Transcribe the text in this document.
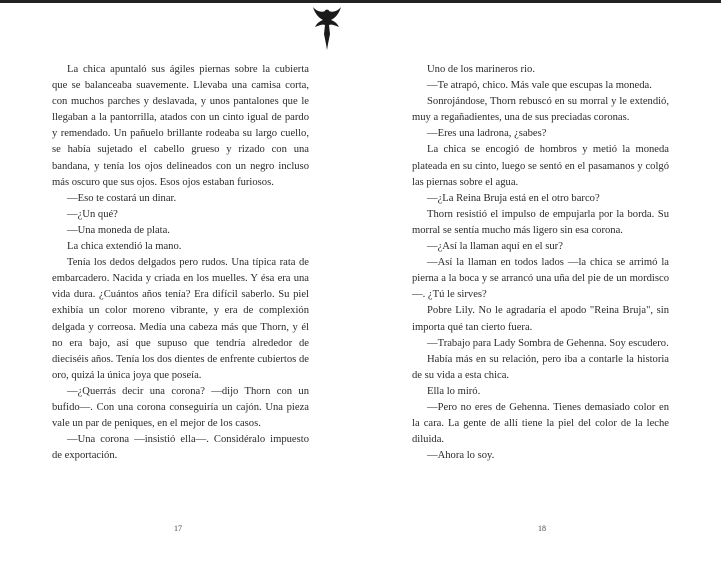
La chica apuntaló sus ágiles piernas sobre la cubierta que se balanceaba suavemente. Llevaba una camisa corta, con muchos parches y deslavada, y unos pantalones que le llegaban a la pantorrilla, atados con un cinto igual de pardo y remendado. Un pañuelo brillante rodeaba su largo cuello, se había sujetado el cabello grueso y rizado con una bandana, y tenía los ojos delineados con un negro incluso más oscuro que sus ojos. Esos ojos estaban furiosos.

—Eso te costará un dinar.

—¿Un qué?

—Una moneda de plata.

La chica extendió la mano.

Tenía los dedos delgados pero rudos. Una típica rata de embarcadero. Nacida y criada en los muelles. Y ésa era una vida dura. ¿Cuántos años tenía? Era difícil saberlo. Su piel exhibía un color moreno vibrante, y era de complexión delgada y correosa. Medía una cabeza más que Thorn, y él no era bajo, así que supuso que tendría alrededor de dieciséis años. Tenía los dos dientes de enfrente cubiertos de oro, quizá la única joya que poseía.

—¿Querrás decir una corona? —dijo Thorn con un bufido—. Con una corona conseguiría un cajón. Una pieza vale un par de peniques, en el mejor de los casos.

—Una corona —insistió ella—. Considéralo impuesto de exportación.

Uno de los marineros rio.

—Te atrapó, chico. Más vale que escupas la moneda.

Sonrojándose, Thorn rebuscó en su morral y le extendió, muy a regañadientes, una de sus preciadas coronas.

—Eres una ladrona, ¿sabes?

La chica se encogió de hombros y metió la moneda plateada en su cinto, luego se sentó en el pasamanos y colgó las piernas sobre el agua.

—¿La Reina Bruja está en el otro barco?

Thorn resistió el impulso de empujarla por la borda. Su morral se sentía mucho más ligero sin esa corona.

—¿Así la llaman aquí en el sur?

—Así la llaman en todos lados —la chica se arrimó la pierna a la boca y se arrancó una uña del pie de un mordisco—. ¿Tú le sirves?

Pobre Lily. No le agradaría el apodo "Reina Bruja", sin importa qué tan cierto fuera.

—Trabajo para Lady Sombra de Gehenna. Soy escudero.

Había más en su relación, pero iba a contarle la historia de su vida a esta chica.

Ella lo miró.

—Pero no eres de Gehenna. Tienes demasiado color en la cara. La gente de allí tiene la piel del color de la leche diluida.

—Ahora lo soy.

17	18
